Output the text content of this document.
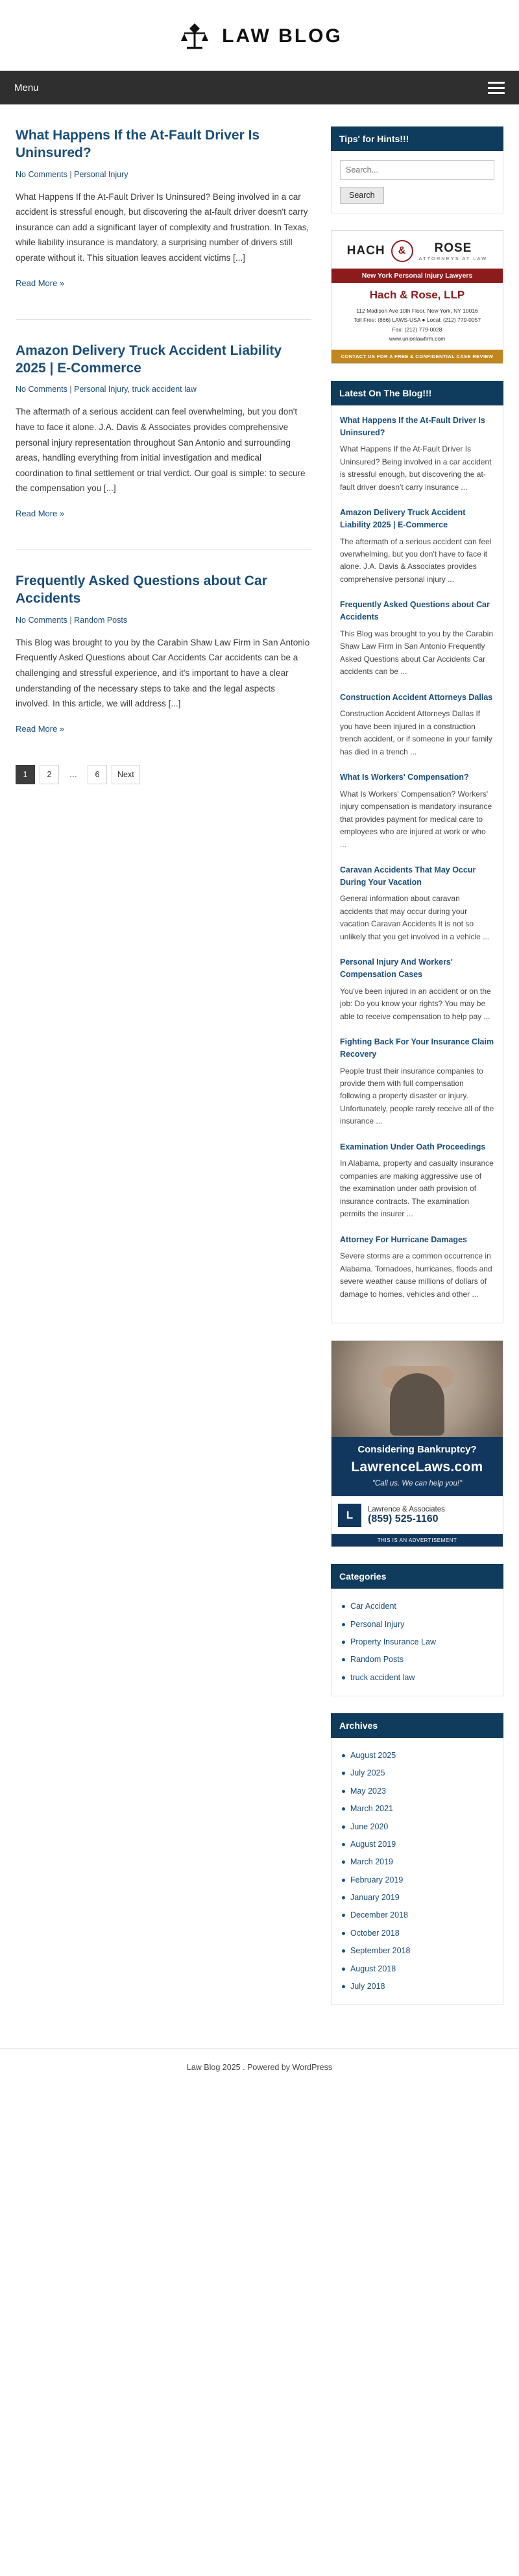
LAW BLOG
Menu
What Happens If the At-Fault Driver Is Uninsured?
No Comments | Personal Injury

What Happens If the At-Fault Driver Is Uninsured? Being involved in a car accident is stressful enough, but discovering the at-fault driver doesn't carry insurance can add a significant layer of complexity and frustration. In Texas, while liability insurance is mandatory, a surprising number of drivers still operate without it. This situation leaves accident victims [...]

Read More »
Amazon Delivery Truck Accident Liability 2025 | E-Commerce
No Comments | Personal Injury, truck accident law

The aftermath of a serious accident can feel overwhelming, but you don't have to face it alone. J.A. Davis & Associates provides comprehensive personal injury representation throughout San Antonio and surrounding areas, handling everything from initial investigation and medical coordination to final settlement or trial verdict. Our goal is simple: to secure the compensation you [...]

Read More »
Frequently Asked Questions about Car Accidents
No Comments | Random Posts

This Blog was brought to you by the Carabin Shaw Law Firm in San Antonio Frequently Asked Questions about Car Accidents Car accidents can be a challenging and stressful experience, and it's important to have a clear understanding of the necessary steps to take and the legal aspects involved. In this article, we will address [...]

Read More »
1	2	…	6	Next
Tips' for Hints!!!
Search...
Search
HACH	&	ROSE
ATTORNEYS AT LAW
New York Personal Injury Lawyers
Hach & Rose, LLP
112 Madison Ave 10th Floor, New York, NY 10016
Toll Free: (866) LAWS-USA ● Local: (212) 779-0057
Fax: (212) 779-0028
www.unionlawfirm.com
CONTACT US FOR A FREE & CONFIDENTIAL CASE REVIEW
Latest On The Blog!!!
What Happens If the At-Fault Driver Is Uninsured?

What Happens If the At-Fault Driver Is Uninsured? Being involved in a car accident is stressful enough, but discovering the at-fault driver doesn't carry insurance ...

Amazon Delivery Truck Accident Liability 2025 | E-Commerce

The aftermath of a serious accident can feel overwhelming, but you don't have to face it alone. J.A. Davis & Associates provides comprehensive personal injury ...

Frequently Asked Questions about Car Accidents

This Blog was brought to you by the Carabin Shaw Law Firm in San Antonio Frequently Asked Questions about Car Accidents Car accidents can be ...

Construction Accident Attorneys Dallas

Construction Accident Attorneys Dallas If you have been injured in a construction trench accident, or if someone in your family has died in a trench ...

What Is Workers' Compensation?

What Is Workers' Compensation? Workers' injury compensation is mandatory insurance that provides payment for medical care to employees who are injured at work or who ...

Caravan Accidents That May Occur During Your Vacation

General information about caravan accidents that may occur during your vacation Caravan Accidents It is not so unlikely that you get involved in a vehicle ...

Personal Injury And Workers' Compensation Cases

You've been injured in an accident or on the job: Do you know your rights? You may be able to receive compensation to help pay ...

Fighting Back For Your Insurance Claim Recovery

People trust their insurance companies to provide them with full compensation following a property disaster or injury. Unfortunately, people rarely receive all of the insurance ...

Examination Under Oath Proceedings

In Alabama, property and casualty insurance companies are making aggressive use of the examination under oath provision of insurance contracts. The examination permits the insurer ...

Attorney For Hurricane Damages

Severe storms are a common occurrence in Alabama. Tornadoes, hurricanes, floods and severe weather cause millions of dollars of damage to homes, vehicles and other ...

Considering Bankruptcy?
LawrenceLaws.com
"Call us. We can help you!"
L	Lawrence & Associates
(859) 525-1160
THIS IS AN ADVERTISEMENT
Categories
Car Accident
Personal Injury
Property Insurance Law
Random Posts
truck accident law
Archives
August 2025
July 2025
May 2023
March 2021
June 2020
August 2019
March 2019
February 2019
January 2019
December 2018
October 2018
September 2018
August 2018
July 2018
Law Blog 2025 . Powered by WordPress
